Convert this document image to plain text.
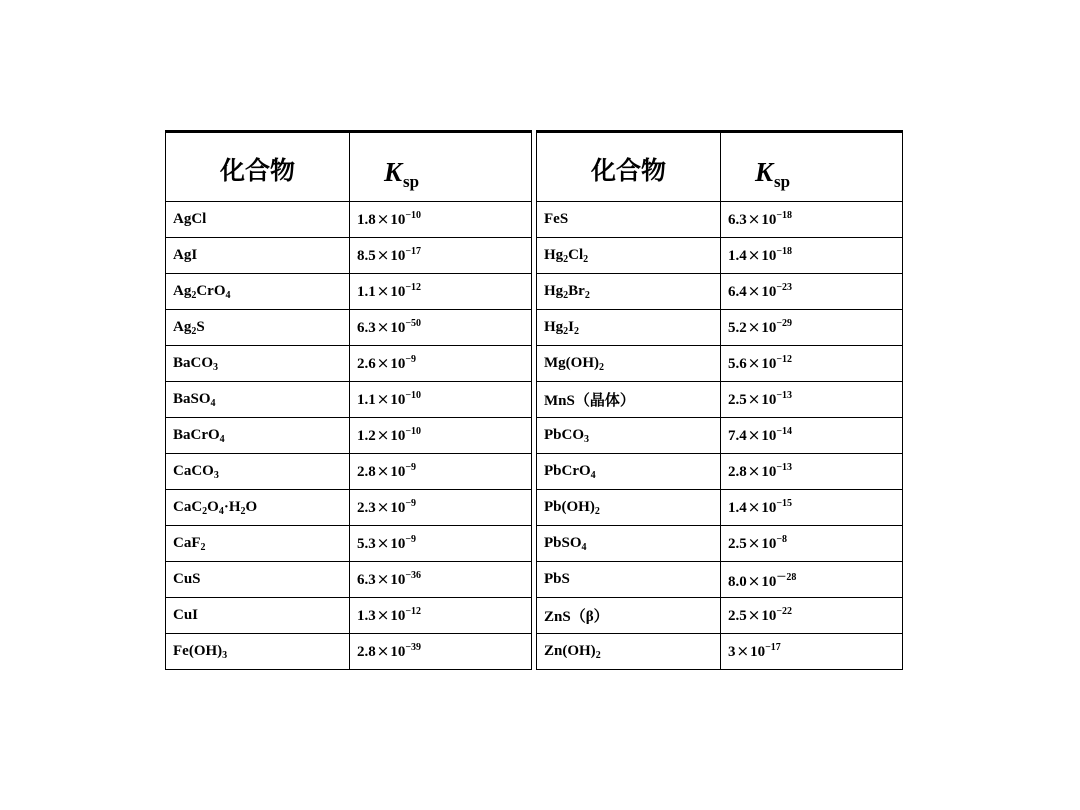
化合物	$K_{sp}$
AgCl	$1.8\times 10^{-10}$
AgI	$8.5\times 10^{-17}$
$Ag_2CrO_4$	$1.1\times 10^{-12}$
$Ag_2S$	$6.3\times 10^{-50}$
BaCO$_3$	$2.6\times 10^{-9}$
BaSO$_4$	$1.1\times 10^{-10}$
BaCrO$_4$	$1.2\times 10^{-10}$
CaCO$_3$	$2.8\times 10^{-9}$
$CaC_2O_4\cdot H_2O$	$2.3\times 10^{-9}$
CaF$_2$	$5.3\times 10^{-9}$
CuS	$6.3\times 10^{-36}$
CuI	$1.3\times 10^{-12}$
$Fe(OH)_3$	$2.8\times 10^{-39}$
化合物	$K_{sp}$
FeS	$6.3\times 10^{-18}$
$Hg_2Cl_2$	$1.4\times 10^{-18}$
$Hg_2Br_2$	$6.4\times 10^{-23}$
$Hg_2I_2$	$5.2\times 10^{-29}$
$Mg(OH)_2$	$5.6\times 10^{-12}$
MnS（晶体）	$2.5\times 10^{-13}$
PbCO$_3$	$7.4\times 10^{-14}$
PbCrO$_4$	$2.8\times 10^{-13}$
$Pb(OH)_2$	$1.4\times 10^{-15}$
PbSO$_4$	$2.5\times 10^{-8}$
PbS	$8.0\times 10^{-28}$
ZnS（β）	$2.5\times 10^{-22}$
$Zn(OH)_2$	$3\times 10^{-17}$
